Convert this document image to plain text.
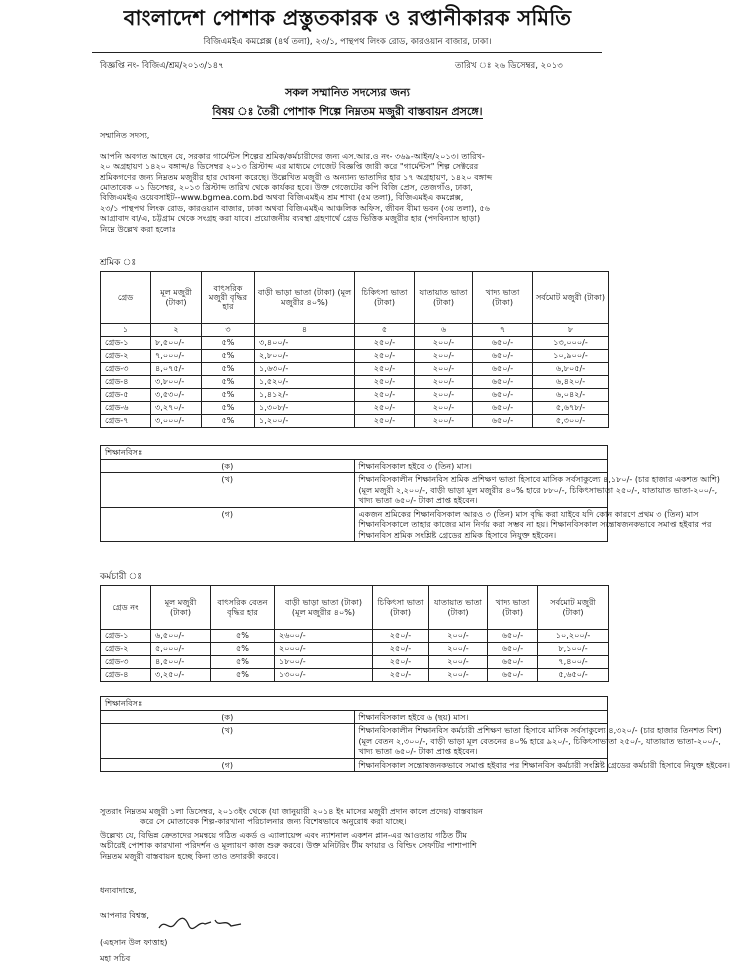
বাংলাদেশ পোশাক প্রস্তুতকারক ও রপ্তানীকারক সমিতি
বিজিএমইএ কমপ্লেক্স (৪র্থ তলা), ২৩/১, পান্থপথ লিংক রোড, কারওয়ান বাজার, ঢাকা।
বিজ্ঞপ্তি নং- বিজিএ/শ্রম/২০১৩/১৪৭	তারিখ ঃ ২৬ ডিসেম্বর, ২০১৩
সকল সম্মানিত সদস্যের জন্য
বিষয় ঃ তৈরী পোশাক শিল্পে নিম্নতম মজুরী বাস্তবায়ন প্রসঙ্গে।
সম্মানিত সদস্য,
আপনি অবগত আছেন যে, সরকার গার্মেন্টস শিল্পের শ্রমিক/কর্মচারীদের জন্য এস.আর.ও নং- ৩৬৯-আইন/২০১৩। তারিখ-
২০ অগ্রহায়ণ ১৪২০ বঙ্গাব্দ/৪ ডিসেম্বর ২০১৩ খ্রিস্টাব্দ এর মাধ্যমে গেজেট বিজ্ঞপ্তি জারী করে "গার্মেন্টস" শিল্প সেক্টরের
শ্রমিকগণের জন্য নিম্নতম মজুরীর হার ঘোষনা করেছে। উল্লেখিত মজুরী ও অন্যান্য ভাতাদির হার ১৭ অগ্রহায়ণ, ১৪২০ বঙ্গাব্দ
মোতাবেক ০১ ডিসেম্বর, ২০১৩ খ্রিস্টাব্দ তারিখ থেকে কার্যকর হবে। উক্ত গেজেটের কপি বিজি প্রেস, তেজগাঁও, ঢাকা,
বিজিএমইএ ওয়েবসাইট--www.bgmea.com.bd অথবা বিজিএমইএ শ্রম শাখা (৫ম তলা), বিজিএমইএ কমপ্লেক্স,
২৩/১ পান্থপথ লিংক রোড, কারওয়ান বাজার, ঢাকা অথবা বিজিএমইএ আঞ্চলিক অফিস, জীবন বীমা ভবন (৩য় তলা), ৫৬
আগ্রাবাদ বা/এ, চট্টগ্রাম থেকে সংগ্রহ করা যাবে। প্রয়োজনীয় ব্যবস্থা গ্রহণার্থে গ্রেড ভিত্তিক মজুরীর হার (পদবিন্যাস ছাড়া)
নিম্নে উল্লেখ করা হলোঃ
শ্রমিক ঃ
গ্রেড	মূল মজুরী (টাকা)	বাৎসরিক মজুরী বৃদ্ধির হার	বাড়ী ভাড়া ভাতা (টাকা) (মূল মজুরীর ৪০%)	চিকিৎসা ভাতা (টাকা)	যাতায়াত ভাতা (টাকা)	খাদ্য ভাতা (টাকা)	সর্বমোট মজুরী (টাকা)
১	২	৩	৪	৫	৬	৭	৮
গ্রেড-১	৮,৫০০/-	৫%	৩,৪০০/-	২৫০/-	২০০/-	৬৫০/-	১৩,০০০/-
গ্রেড-২	৭,০০০/-	৫%	২,৮০০/-	২৫০/-	২০০/-	৬৫০/-	১০,৯০০/-
গ্রেড-৩	৪,০৭৫/-	৫%	১,৬৩০/-	২৫০/-	২০০/-	৬৫০/-	৬,৮০৫/-
গ্রেড-৪	৩,৮০০/-	৫%	১,৫২০/-	২৫০/-	২০০/-	৬৫০/-	৬,৪২০/-
গ্রেড-৫	৩,৫৩০/-	৫%	১,৪১২/-	২৫০/-	২০০/-	৬৫০/-	৬,০৪২/-
গ্রেড-৬	৩,২৭০/-	৫%	১,৩০৮/-	২৫০/-	২০০/-	৬৫০/-	৫,৬৭৮/-
গ্রেড-৭	৩,০০০/-	৫%	১,২০০/-	২৫০/-	২০০/-	৬৫০/-	৫,৩০০/-
শিক্ষানবিসঃ	
(ক)	শিক্ষানবিসকাল হইবে ৩ (তিন) মাস।

(খ)	শিক্ষানবিসকালীন শিক্ষানবিস শ্রমিক প্রশিক্ষণ ভাতা হিসাবে মাসিক সর্বসাকুল্যে ৪,১৮০/- (চার হাজার একশত আশি)
(মূল মজুরী ২,২০০/-, বাড়ী ভাড়া মূল মজুরীর ৪০% হারে ৮৮০/-, চিকিৎসাভাতা ২৫০/-, যাতায়াত ভাতা-২০০/-,
খাদ্য ভাতা ৬৫০/- টাকা প্রাপ্ত হইবেন।

(গ)	একজন শ্রমিকের শিক্ষানবিসকাল আরও ৩ (তিন) মাস বৃদ্ধি করা যাইবে যদি কোন কারণে প্রথম ৩ (তিন) মাস
শিক্ষানবিসকালে তাহার কাজের মান নির্ণয় করা সম্ভব না হয়। শিক্ষানবিসকাল সন্তোষজনকভাবে সমাপ্ত হইবার পর
শিক্ষানবিস শ্রমিক সংশ্লিষ্ট গ্রেডের শ্রমিক হিসাবে নিযুক্ত হইবেন।
কর্মচারী ঃ
গ্রেড নং	মূল মজুরী (টাকা)	বাৎসরিক বেতন বৃদ্ধির হার	বাড়ী ভাড়া ভাতা (টাকা) (মূল মজুরীর ৪০%)	চিকিৎসা ভাতা (টাকা)	যাতায়াত ভাতা (টাকা)	খাদ্য ভাতা (টাকা)	সর্বমোট মজুরী (টাকা)
গ্রেড-১	৬,৫০০/-	৫%	২৬০০/-	২৫০/-	২০০/-	৬৫০/-	১০,২০০/-
গ্রেড-২	৫,০০০/-	৫%	২০০০/-	২৫০/-	২০০/-	৬৫০/-	৮,১০০/-
গ্রেড-৩	৪,৫০০/-	৫%	১৮০০/-	২৫০/-	২০০/-	৬৫০/-	৭,৪০০/-
গ্রেড-৪	৩,২৫০/-	৫%	১৩০০/-	২৫০/-	২০০/-	৬৫০/-	৫,৬৫০/-
শিক্ষানবিসঃ	
(ক)	শিক্ষানবিসকাল হইবে ৬ (ছয়) মাস।

(খ)	শিক্ষানবিসকালীন শিক্ষানবিস কর্মচারী প্রশিক্ষণ ভাতা হিসাবে মাসিক সর্বসাকুল্যে ৪,৩২০/- (চার হাজার তিনশত বিশ)
(মূল বেতন ২,৩০০/-, বাড়ী ভাড়া মূল বেতনের ৪০% হারে ৯২০/-, চিকিৎসাভাতা ২৫০/-, যাতায়াত ভাতা-২০০/-,
খাদ্য ভাতা ৬৫০/- টাকা প্রাপ্ত হইবেন।

(গ)	শিক্ষানবিসকাল সন্তোষজনকভাবে সমাপ্ত হইবার পর শিক্ষানবিস কর্মচারী সংশ্লিষ্ট গ্রেডের কর্মচারী হিসাবে নিযুক্ত হইবেন।
সুতরাং নিম্নতম মজুরী ১লা ডিসেম্বর, ২০১৩ইং থেকে (যা জানুয়ারী ২০১৪ ইং মাসের মজুরী প্রদান কালে প্রদেয়) বাস্তবায়ন
করে সে মোতাবেক শিল্প-কারখানা পরিচালনার জন্য বিশেষভাবে অনুরোধ করা যাচ্ছে।
উল্লেখ্য যে, বিভিন্ন ক্রেতাদের সমন্বয়ে গঠিত একর্ড ও এ্যালায়েন্স এবং ন্যাশনাল একশন প্লান-এর আওতায় গঠিত টীম
অচীরেই পোশাক কারখানা পরিদর্শন ও মূল্যায়ণ কাজ শুরু করবে। উক্ত মনিটরিং টীম ফায়ার ও বিল্ডিং সেফটির পাশাপাশি
নিম্নতম মজুরী বাস্তবায়ন হচ্ছে কিনা তাও তদারকী করবে।
ধন্যবাদান্তে,
আপনার বিশ্বস্ত,
(এহসান উল ফাত্তাহ)
মহা সচিব
